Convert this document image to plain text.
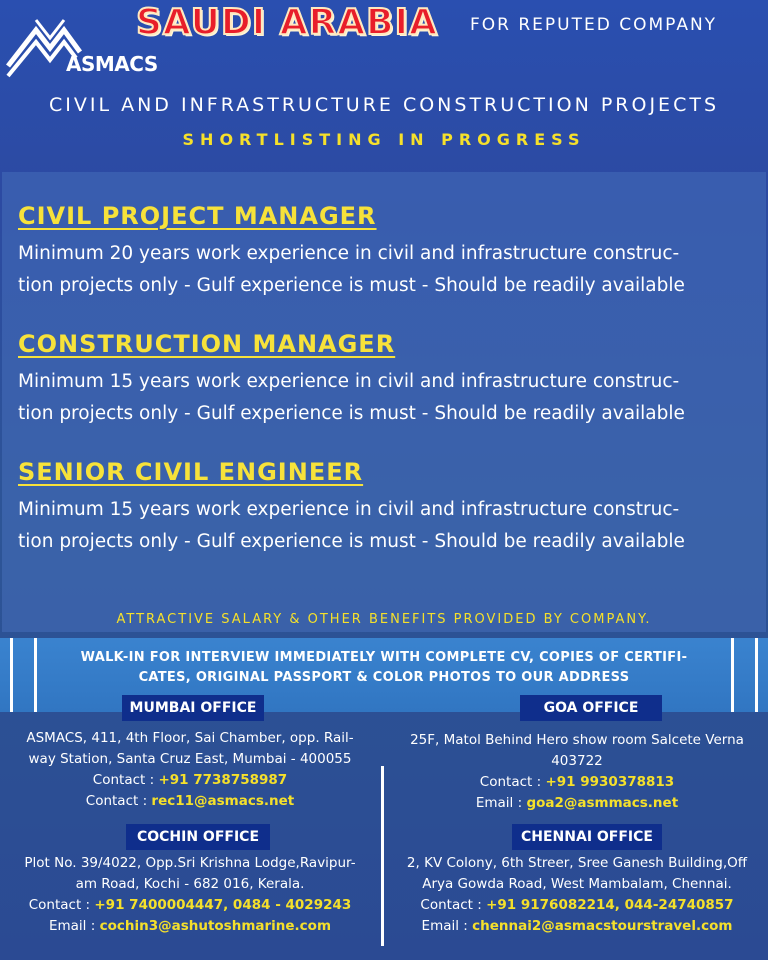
ASMACS
SAUDI ARABIA FOR REPUTED COMPANY
CIVIL AND INFRASTRUCTURE CONSTRUCTION PROJECTS
SHORTLISTING IN PROGRESS
CIVIL PROJECT MANAGER
Minimum 20 years work experience in civil and infrastructure construc-
tion projects only - Gulf experience is must - Should be readily available
CONSTRUCTION MANAGER
Minimum 15 years work experience in civil and infrastructure construc-
tion projects only - Gulf experience is must - Should be readily available
SENIOR CIVIL ENGINEER
Minimum 15 years work experience in civil and infrastructure construc-
tion projects only - Gulf experience is must - Should be readily available
ATTRACTIVE SALARY & OTHER BENEFITS PROVIDED BY COMPANY.
WALK-IN FOR INTERVIEW IMMEDIATELY WITH COMPLETE CV, COPIES OF CERTIFI-
CATES, ORIGINAL PASSPORT & COLOR PHOTOS TO OUR ADDRESS
MUMBAI OFFICE
ASMACS, 411, 4th Floor, Sai Chamber, opp. Rail-
way Station, Santa Cruz East, Mumbai - 400055
Contact : +91 7738758987
Contact : rec11@asmacs.net
GOA OFFICE
25F, Matol Behind Hero show room Salcete Verna
403722
Contact : +91 9930378813
Email : goa2@asmmacs.net
COCHIN OFFICE
Plot No. 39/4022, Opp.Sri Krishna Lodge,Ravipur-
am Road, Kochi - 682 016, Kerala.
Contact : +91 7400004447, 0484 - 4029243
Email : cochin3@ashutoshmarine.com
CHENNAI OFFICE
2, KV Colony, 6th Streer, Sree Ganesh Building,Off
Arya Gowda Road, West Mambalam, Chennai.
Contact : +91 9176082214, 044-24740857
Email : chennai2@asmacstourstravel.com
